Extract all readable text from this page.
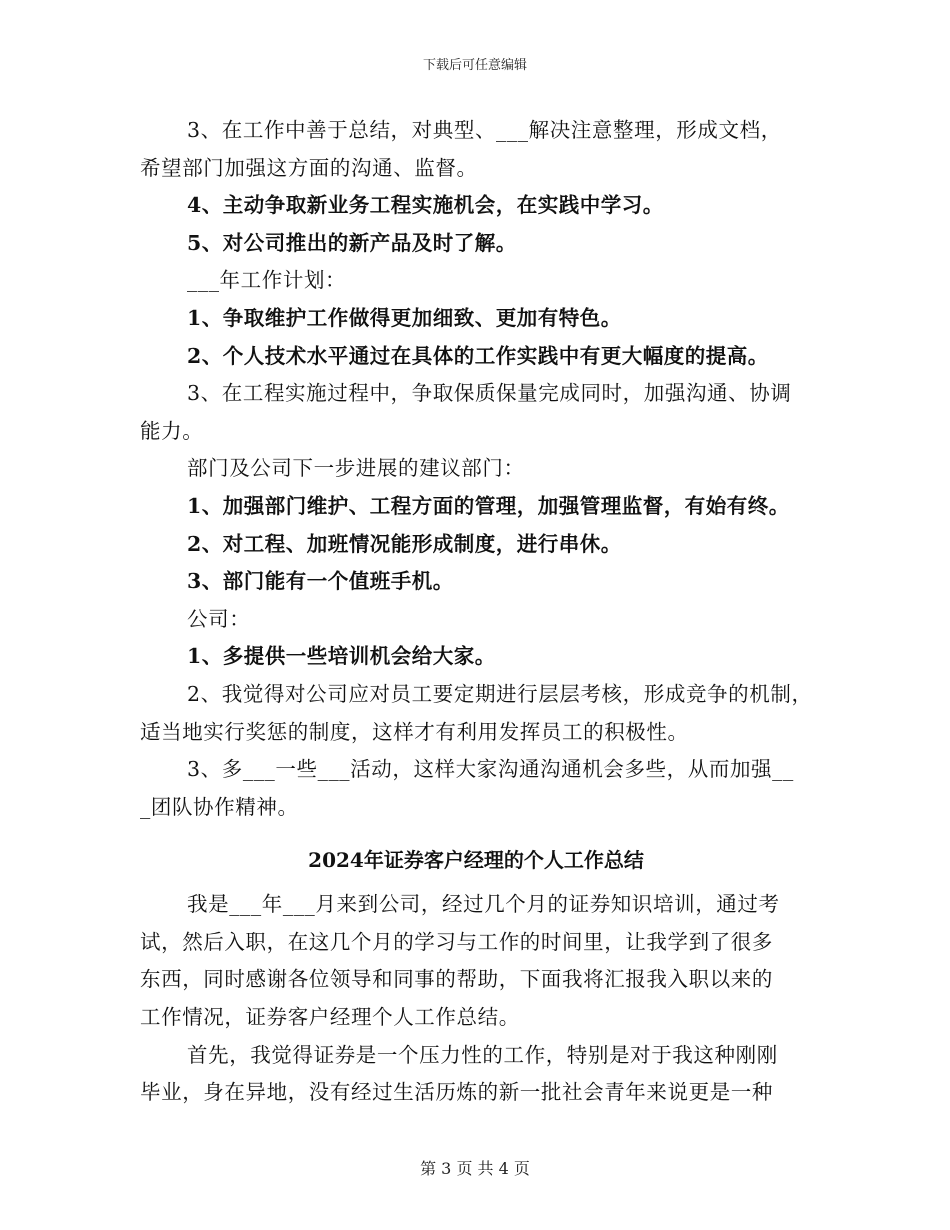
下载后可任意编辑
3、在工作中善于总结，对典型、___解决注意整理，形成文档，
希望部门加强这方面的沟通、监督。
4、主动争取新业务工程实施机会，在实践中学习。
5、对公司推出的新产品及时了解。
___年工作计划：
1、争取维护工作做得更加细致、更加有特色。
2、个人技术水平通过在具体的工作实践中有更大幅度的提高。
3、在工程实施过程中，争取保质保量完成同时，加强沟通、协调
能力。
部门及公司下一步进展的建议部门：
1、加强部门维护、工程方面的管理，加强管理监督，有始有终。
2、对工程、加班情况能形成制度，进行串休。
3、部门能有一个值班手机。
公司：
1、多提供一些培训机会给大家。
2、我觉得对公司应对员工要定期进行层层考核，形成竞争的机制，
适当地实行奖惩的制度，这样才有利用发挥员工的积极性。
3、多___一些___活动，这样大家沟通沟通机会多些，从而加强__
_团队协作精神。
2024年证券客户经理的个人工作总结
我是___年___月来到公司，经过几个月的证券知识培训，通过考
试，然后入职，在这几个月的学习与工作的时间里，让我学到了很多
东西，同时感谢各位领导和同事的帮助，下面我将汇报我入职以来的
工作情况，证券客户经理个人工作总结。
首先，我觉得证券是一个压力性的工作，特别是对于我这种刚刚
毕业，身在异地，没有经过生活历炼的新一批社会青年来说更是一种
第 3 页 共 4 页
